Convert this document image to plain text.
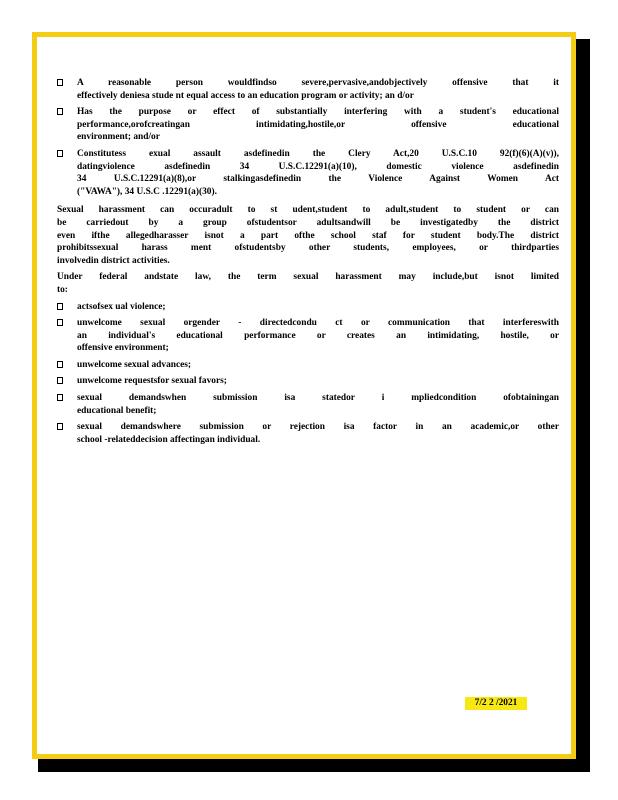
A reasonable person wouldfindso severe,pervasive,andobjectively offensive that it
effectively deniesa stude nt equal access to an education program or activity; an d/or
Has the purpose or effect of substantially interfering with a student's educational
performance,orofcreatingan intimidating,hostile,or offensive educational
environment; and/or
Constitutess exual assault asdefinedin the Clery Act,20 U.S.C.10 92(f)(6)(A)(v)),
datingviolence asdefinedin 34 U.S.C.12291(a)(10), domestic violence asdefinedin
34 U.S.C.12291(a)(8),or stalkingasdefinedin the Violence Against Women Act
("VAWA"), 34 U.S.C .12291(a)(30).
Sexual harassment can occuradult to st udent,student to adult,student to student or can
be carriedout by a group ofstudentsor adultsandwill be investigatedby the district
even ifthe allegedharasser isnot a part ofthe school staf for student body.The district
prohibitssexual harass ment ofstudentsby other students, employees, or thirdparties
involvedin district activities.
Under federal andstate law, the term sexual harassment may include,but isnot limited
to:
actsofsex ual violence;
unwelcome sexual orgender - directedcondu ct or communication that interfereswith
an individual's educational performance or creates an intimidating, hostile, or
offensive environment;
unwelcome sexual advances;
unwelcome requestsfor sexual favors;
sexual demandswhen submission isa statedor i mpliedcondition ofobtainingan
educational benefit;
sexual demandswhere submission or rejection isa factor in an academic,or other
school -relateddecision affectingan individual.
7/2 2 /2021
